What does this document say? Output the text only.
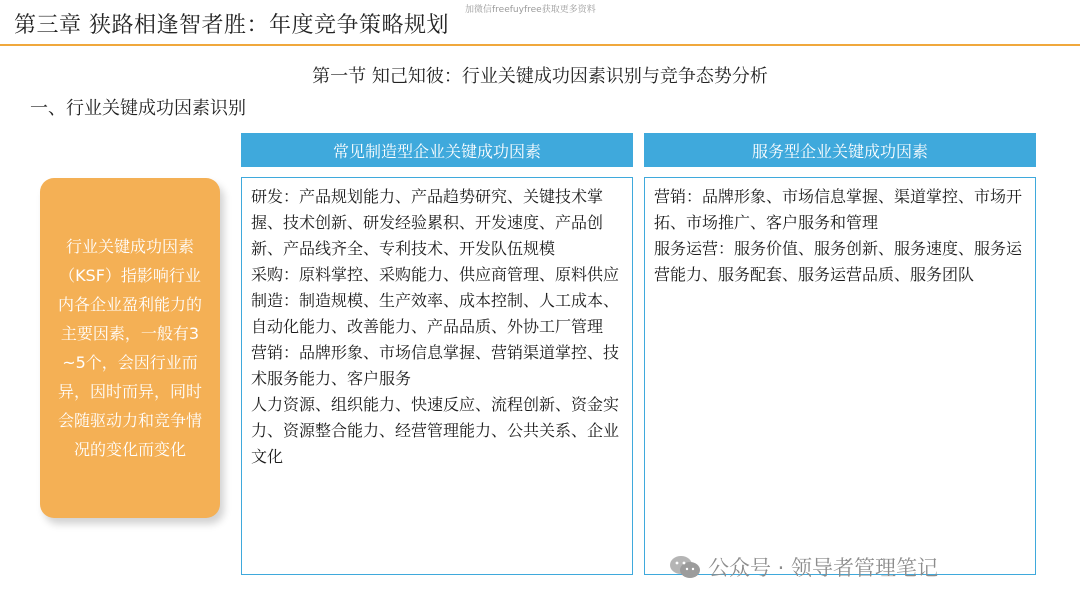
第三章 狭路相逢智者胜：年度竞争策略规划
加微信freefuyfree获取更多资料
第一节 知己知彼：行业关键成功因素识别与竞争态势分析
一、行业关键成功因素识别
行业关键成功因素（KSF）指影响行业内各企业盈利能力的主要因素，一般有3~5个，会因行业而异，因时而异，同时会随驱动力和竞争情况的变化而变化
常见制造型企业关键成功因素	服务型企业关键成功因素

研发：产品规划能力、产品趋势研究、关键技术掌握、技术创新、研发经验累积、开发速度、产品创新、产品线齐全、专利技术、开发队伍规模

采购：原料掌控、采购能力、供应商管理、原料供应

制造：制造规模、生产效率、成本控制、人工成本、自动化能力、改善能力、产品品质、外协工厂管理

营销：品牌形象、市场信息掌握、营销渠道掌控、技术服务能力、客户服务

人力资源、组织能力、快速反应、流程创新、资金实力、资源整合能力、经营管理能力、公共关系、企业文化

营销：品牌形象、市场信息掌握、渠道掌控、市场开拓、市场推广、客户服务和管理

服务运营：服务价值、服务创新、服务速度、服务运营能力、服务配套、服务运营品质、服务团队

公众号 · 领导者管理笔记
